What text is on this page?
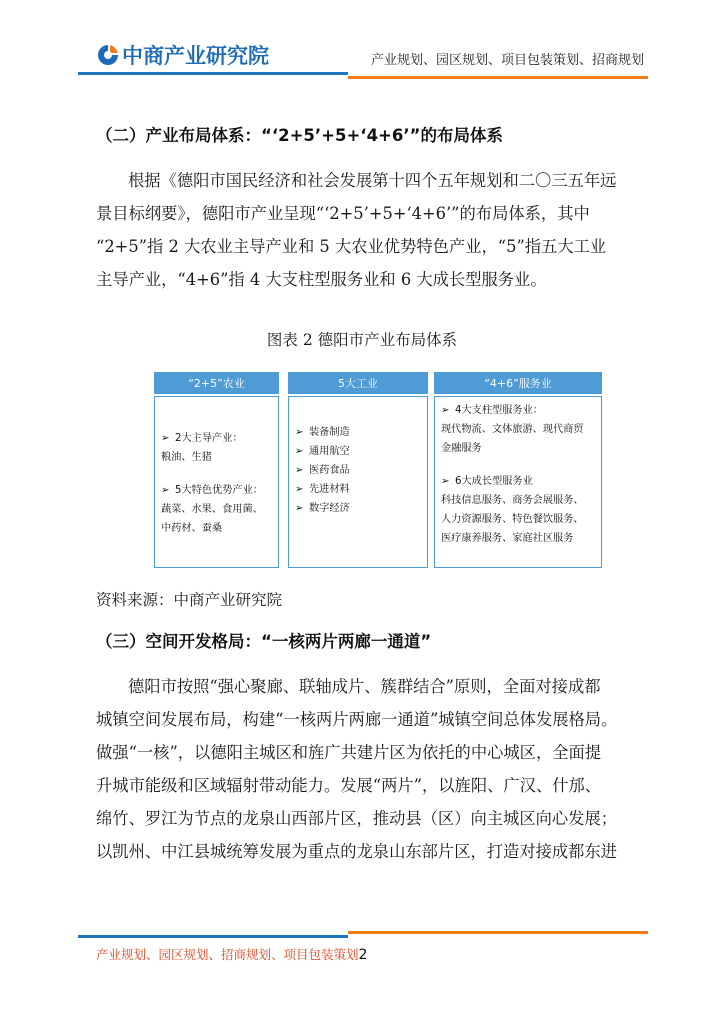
中商产业研究院	产业规划、园区规划、项目包装策划、招商规划
（二）产业布局体系：“‘2+5’+5+‘4+6’”的布局体系

根据《德阳市国民经济和社会发展第十四个五年规划和二〇三五年远

景目标纲要》，德阳市产业呈现“‘2+5’+5+‘4+6’”的布局体系，其中

“2+5”指 2 大农业主导产业和 5 大农业优势特色产业，“5”指五大工业

主导产业，“4+6”指 4 大支柱型服务业和 6 大成长型服务业。

图表 2 德阳市产业布局体系
“2+5”农业
➢ 2大主导产业：
粮油、生猪
➢ 5大特色优势产业：
蔬菜、水果、食用菌、
中药材、蚕桑
5大工业
➢ 装备制造
➢ 通用航空
➢ 医药食品
➢ 先进材料
➢ 数字经济
“4+6”服务业
➢ 4大支柱型服务业：
现代物流、文体旅游、现代商贸
金融服务
➢ 6大成长型服务业
科技信息服务、商务会展服务、
人力资源服务、特色餐饮服务、
医疗康养服务、家庭社区服务
资料来源：中商产业研究院
（三）空间开发格局：“一核两片两廊一通道”

德阳市按照“强心聚廊、联轴成片、簇群结合”原则，全面对接成都

城镇空间发展布局，构建“一核两片两廊一通道”城镇空间总体发展格局。

做强“一核”，以德阳主城区和旌广共建片区为依托的中心城区，全面提

升城市能级和区域辐射带动能力。发展“两片”，以旌阳、广汉、什邡、

绵竹、罗江为节点的龙泉山西部片区，推动县（区）向主城区向心发展；

以凯州、中江县城统筹发展为重点的龙泉山东部片区，打造对接成都东进

产业规划、园区规划、招商规划、项目包装策划2
